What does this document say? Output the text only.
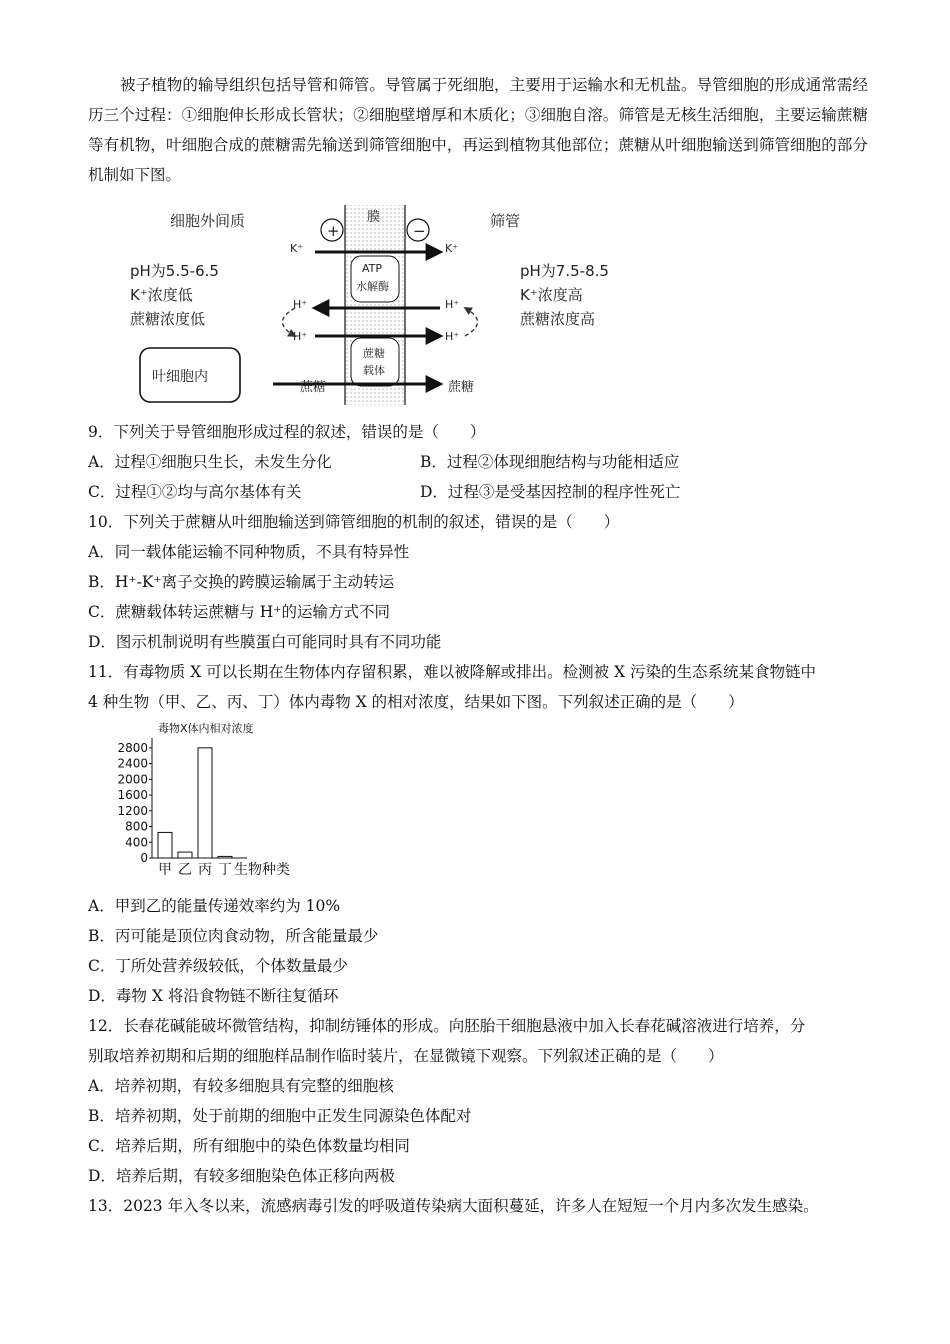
被子植物的输导组织包括导管和筛管。导管属于死细胞，主要用于运输水和无机盐。导管细胞的形成通常需经历三个过程：①细胞伸长形成长管状；②细胞壁增厚和木质化；③细胞自溶。筛管是无核生活细胞，主要运输蔗糖等有机物，叶细胞合成的蔗糖需先输送到筛管细胞中，再运到植物其他部位；蔗糖从叶细胞输送到筛管细胞的部分机制如下图。

细胞外间质	膜	筛管
+	−
K⁺	K⁺
ATP
水解酶
H⁺	H⁺
H⁺	H⁺
蔗糖
载体
pH为5.5-6.5
K⁺浓度低
蔗糖浓度低
pH为7.5-8.5
K⁺浓度高
蔗糖浓度高
叶细胞内
蔗糖	蔗糖
9．下列关于导管细胞形成过程的叙述，错误的是（　　）
A．过程①细胞只生长，未发生分化	B．过程②体现细胞结构与功能相适应
C．过程①②均与高尔基体有关	D．过程③是受基因控制的程序性死亡
10．下列关于蔗糖从叶细胞输送到筛管细胞的机制的叙述，错误的是（　　）
A．同一载体能运输不同种物质，不具有特异性
B．H⁺-K⁺离子交换的跨膜运输属于主动转运
C．蔗糖载体转运蔗糖与 H⁺的运输方式不同
D．图示机制说明有些膜蛋白可能同时具有不同功能
11．有毒物质 X 可以长期在生物体内存留积累，难以被降解或排出。检测被 X 污染的生态系统某食物链中
4 种生物（甲、乙、丙、丁）体内毒物 X 的相对浓度，结果如下图。下列叙述正确的是（　　）
毒物X体内相对浓度
0
400
800
1200
1600
2000
2400
2800
甲 乙 丙 丁 生物种类
A．甲到乙的能量传递效率约为 10%
B．丙可能是顶位肉食动物，所含能量最少
C．丁所处营养级较低，个体数量最少
D．毒物 X 将沿食物链不断往复循环
12．长春花碱能破坏微管结构，抑制纺锤体的形成。向胚胎干细胞悬液中加入长春花碱溶液进行培养，分
别取培养初期和后期的细胞样品制作临时装片，在显微镜下观察。下列叙述正确的是（　　）
A．培养初期，有较多细胞具有完整的细胞核
B．培养初期，处于前期的细胞中正发生同源染色体配对
C．培养后期，所有细胞中的染色体数量均相同
D．培养后期，有较多细胞染色体正移向两极
13．2023 年入冬以来，流感病毒引发的呼吸道传染病大面积蔓延，许多人在短短一个月内多次发生感染。
